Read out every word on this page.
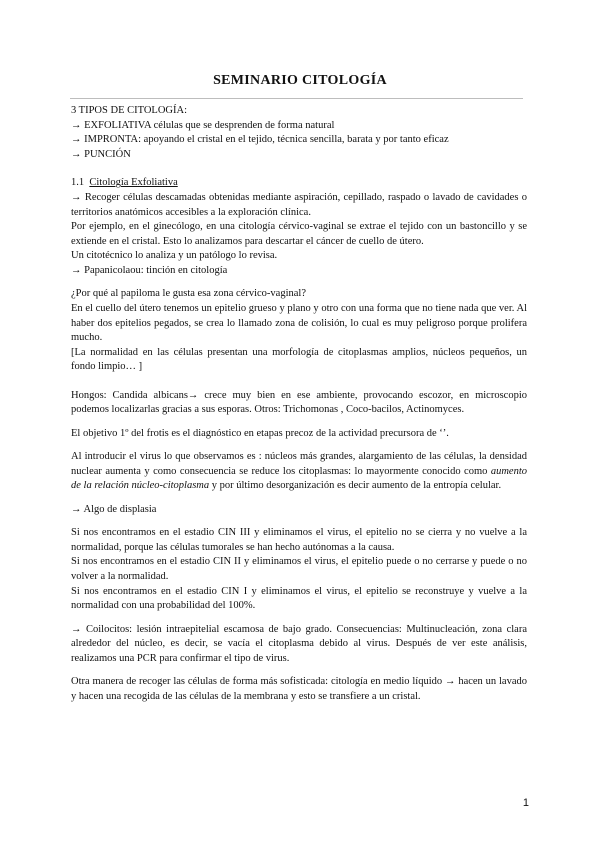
SEMINARIO CITOLOGÍA

3 TIPOS DE CITOLOGÍA:

→ EXFOLIATIVA células que se desprenden de forma natural

→ IMPRONTA: apoyando el cristal en el tejido, técnica sencilla, barata y por tanto eficaz

→ PUNCIÓN

1.1 Citología Exfoliativa

→ Recoger células descamadas obtenidas mediante aspiración, cepillado, raspado o lavado de cavidades o territorios anatómicos accesibles a la exploración clínica.

Por ejemplo, en el ginecólogo, en una citología cérvico-vaginal se extrae el tejido con un bastoncillo y se extiende en el cristal. Esto lo analizamos para descartar el cáncer de cuello de útero.

Un citotécnico lo analiza y un patólogo lo revisa.

→ Papanicolaou: tinción en citología

¿Por qué al papiloma le gusta esa zona cérvico-vaginal?

En el cuello del útero tenemos un epitelio grueso y plano y otro con una forma que no tiene nada que ver. Al haber dos epitelios pegados, se crea lo llamado zona de colisión, lo cual es muy peligroso porque prolifera mucho.

[La normalidad en las células presentan una morfología de citoplasmas amplios, núcleos pequeños, un fondo limpio… ]

Hongos: Candida albicans→ crece muy bien en ese ambiente, provocando escozor, en microscopio podemos localizarlas gracias a sus esporas. Otros: Trichomonas , Coco-bacilos, Actinomyces.

El objetivo 1º del frotis es el diagnóstico en etapas precoz de la actividad precursora de ‘’.

Al introducir el virus lo que observamos es : núcleos más grandes, alargamiento de las células, la densidad nuclear aumenta y como consecuencia se reduce los citoplasmas: lo mayormente conocido como aumento de la relación núcleo-citoplasma y por último desorganización es decir aumento de la entropía celular.

→ Algo de displasia

Si nos encontramos en el estadio CIN III y eliminamos el virus, el epitelio no se cierra y no vuelve a la normalidad, porque las células tumorales se han hecho autónomas a la causa.

Si nos encontramos en el estadio CIN II y eliminamos el virus, el epitelio puede o no cerrarse y puede o no volver a la normalidad.

Si nos encontramos en el estadio CIN I y eliminamos el virus, el epitelio se reconstruye y vuelve a la normalidad con una probabilidad del 100%.

→ Coilocitos: lesión intraepitelial escamosa de bajo grado. Consecuencias: Multinucleación, zona clara alrededor del núcleo, es decir, se vacía el citoplasma debido al virus. Después de ver este análisis, realizamos una PCR para confirmar el tipo de virus.

Otra manera de recoger las células de forma más sofisticada: citología en medio líquido → hacen un lavado y hacen una recogida de las células de la membrana y esto se transfiere a un cristal.

1
